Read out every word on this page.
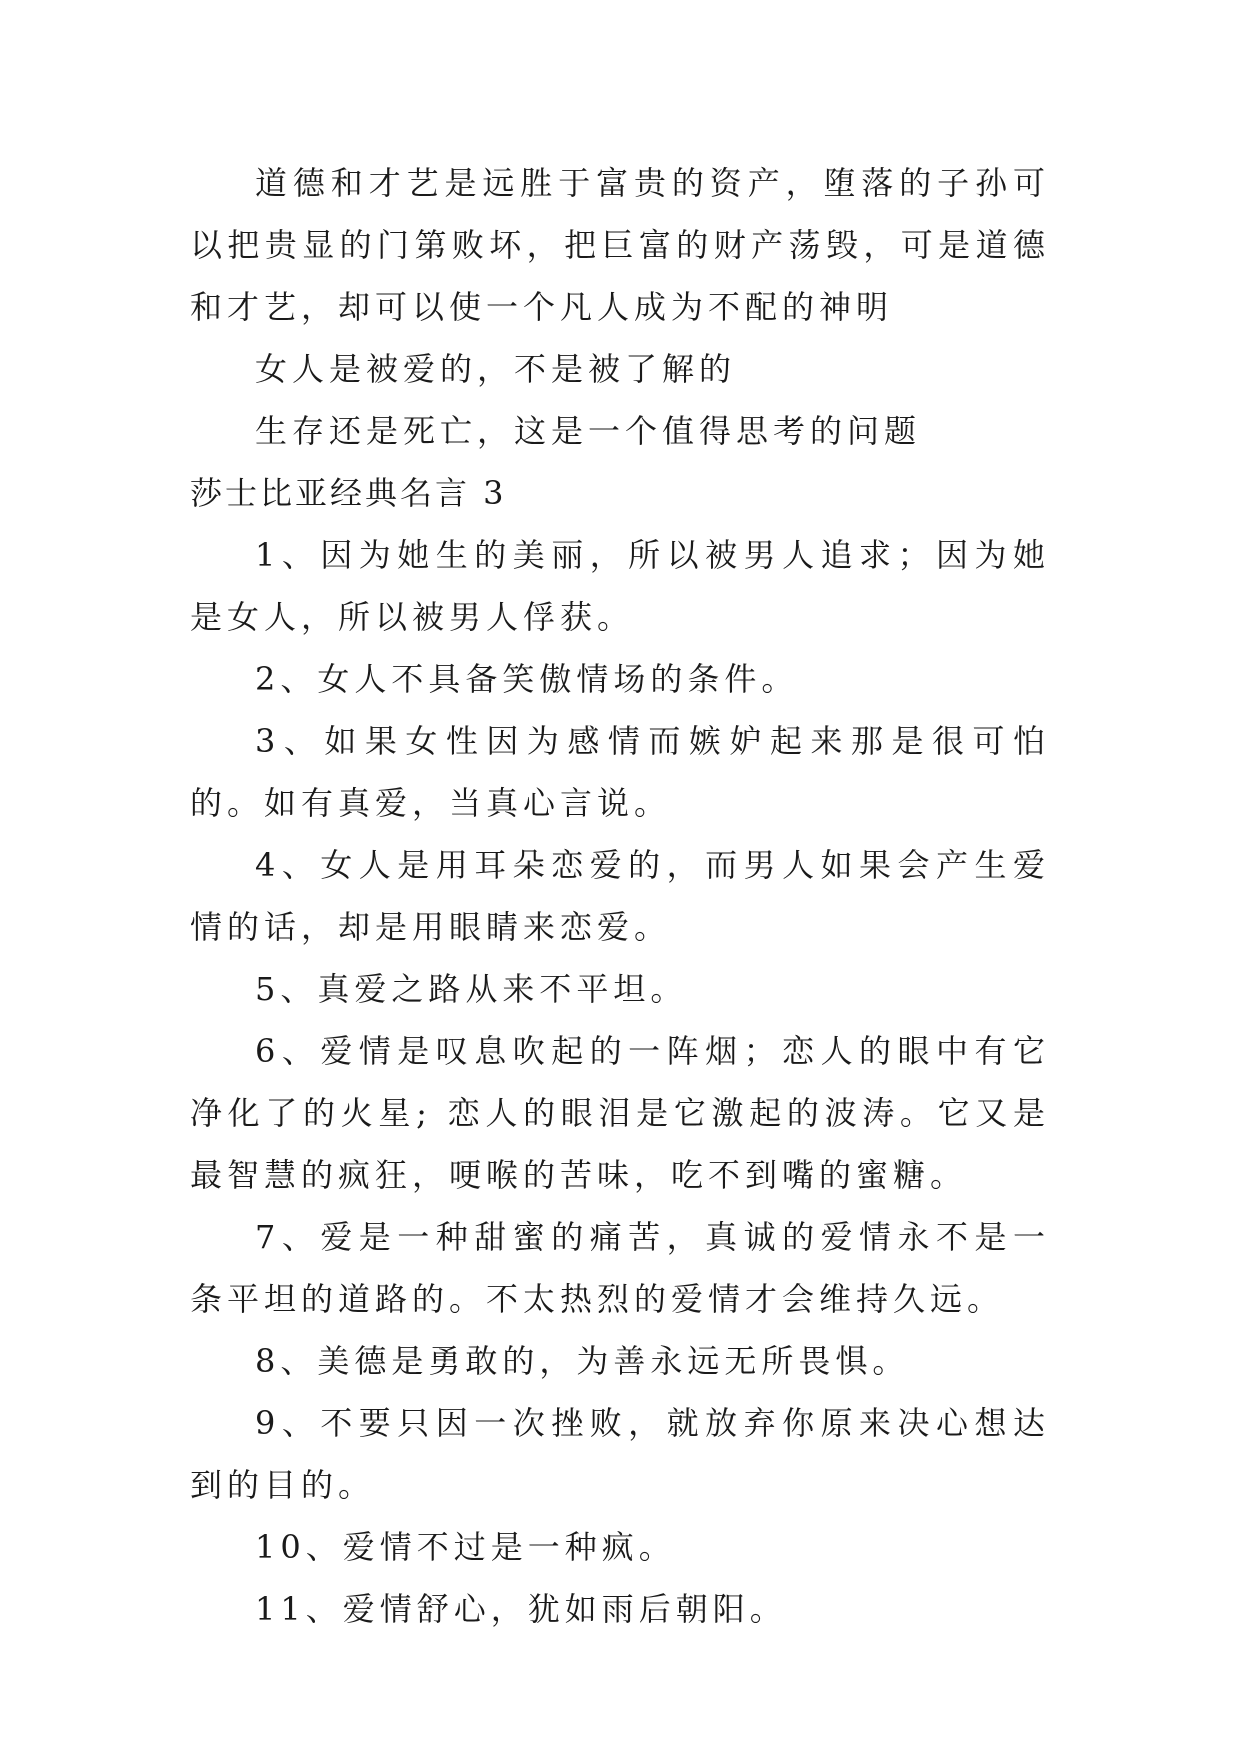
道德和才艺是远胜于富贵的资产，堕落的子孙可以把贵显的门第败坏，把巨富的财产荡毁，可是道德和才艺，却可以使一个凡人成为不配的神明

女人是被爱的，不是被了解的

生存还是死亡，这是一个值得思考的问题

莎士比亚经典名言 3

1、因为她生的美丽，所以被男人追求；因为她是女人，所以被男人俘获。

2、女人不具备笑傲情场的条件。

3、如果女性因为感情而嫉妒起来那是很可怕的。如有真爱，当真心言说。

4、女人是用耳朵恋爱的，而男人如果会产生爱情的话，却是用眼睛来恋爱。

5、真爱之路从来不平坦。

6、爱情是叹息吹起的一阵烟；恋人的眼中有它净化了的火星; 恋人的眼泪是它激起的波涛。它又是最智慧的疯狂，哽喉的苦味，吃不到嘴的蜜糖。

7、爱是一种甜蜜的痛苦，真诚的爱情永不是一条平坦的道路的。不太热烈的爱情才会维持久远。

8、美德是勇敢的，为善永远无所畏惧。

9、不要只因一次挫败，就放弃你原来决心想达到的目的。

10、爱情不过是一种疯。

11、爱情舒心，犹如雨后朝阳。
